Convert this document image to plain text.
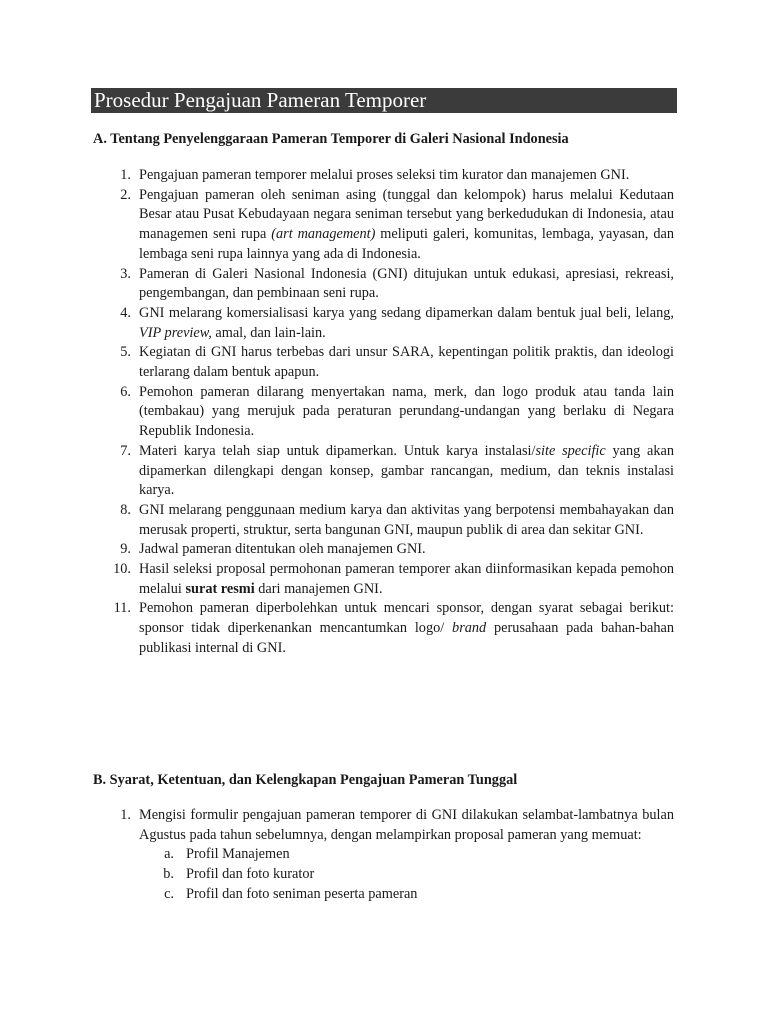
Prosedur Pengajuan Pameran Temporer
A. Tentang Penyelenggaraan Pameran Temporer di Galeri Nasional Indonesia
1. Pengajuan pameran temporer melalui proses seleksi tim kurator dan manajemen GNI.
2. Pengajuan pameran oleh seniman asing (tunggal dan kelompok) harus melalui Kedutaan Besar atau Pusat Kebudayaan negara seniman tersebut yang berkedudukan di Indonesia, atau managemen seni rupa (art management) meliputi galeri, komunitas, lembaga, yayasan, dan lembaga seni rupa lainnya yang ada di Indonesia.
3. Pameran di Galeri Nasional Indonesia (GNI) ditujukan untuk edukasi, apresiasi, rekreasi, pengembangan, dan pembinaan seni rupa.
4. GNI melarang komersialisasi karya yang sedang dipamerkan dalam bentuk jual beli, lelang, VIP preview, amal, dan lain-lain.
5. Kegiatan di GNI harus terbebas dari unsur SARA, kepentingan politik praktis, dan ideologi terlarang dalam bentuk apapun.
6. Pemohon pameran dilarang menyertakan nama, merk, dan logo produk atau tanda lain (tembakau) yang merujuk pada peraturan perundang-undangan yang berlaku di Negara Republik Indonesia.
7. Materi karya telah siap untuk dipamerkan. Untuk karya instalasi/site specific yang akan dipamerkan dilengkapi dengan konsep, gambar rancangan, medium, dan teknis instalasi karya.
8. GNI melarang penggunaan medium karya dan aktivitas yang berpotensi membahayakan dan merusak properti, struktur, serta bangunan GNI, maupun publik di area dan sekitar GNI.
9. Jadwal pameran ditentukan oleh manajemen GNI.
10. Hasil seleksi proposal permohonan pameran temporer akan diinformasikan kepada pemohon melalui surat resmi dari manajemen GNI.
11. Pemohon pameran diperbolehkan untuk mencari sponsor, dengan syarat sebagai berikut: sponsor tidak diperkenankan mencantumkan logo/ brand perusahaan pada bahan-bahan publikasi internal di GNI.
B. Syarat, Ketentuan, dan Kelengkapan Pengajuan Pameran Tunggal
1. Mengisi formulir pengajuan pameran temporer di GNI dilakukan selambat-lambatnya bulan Agustus pada tahun sebelumnya, dengan melampirkan proposal pameran yang memuat:
a. Profil Manajemen
b. Profil dan foto kurator
c. Profil dan foto seniman peserta pameran
